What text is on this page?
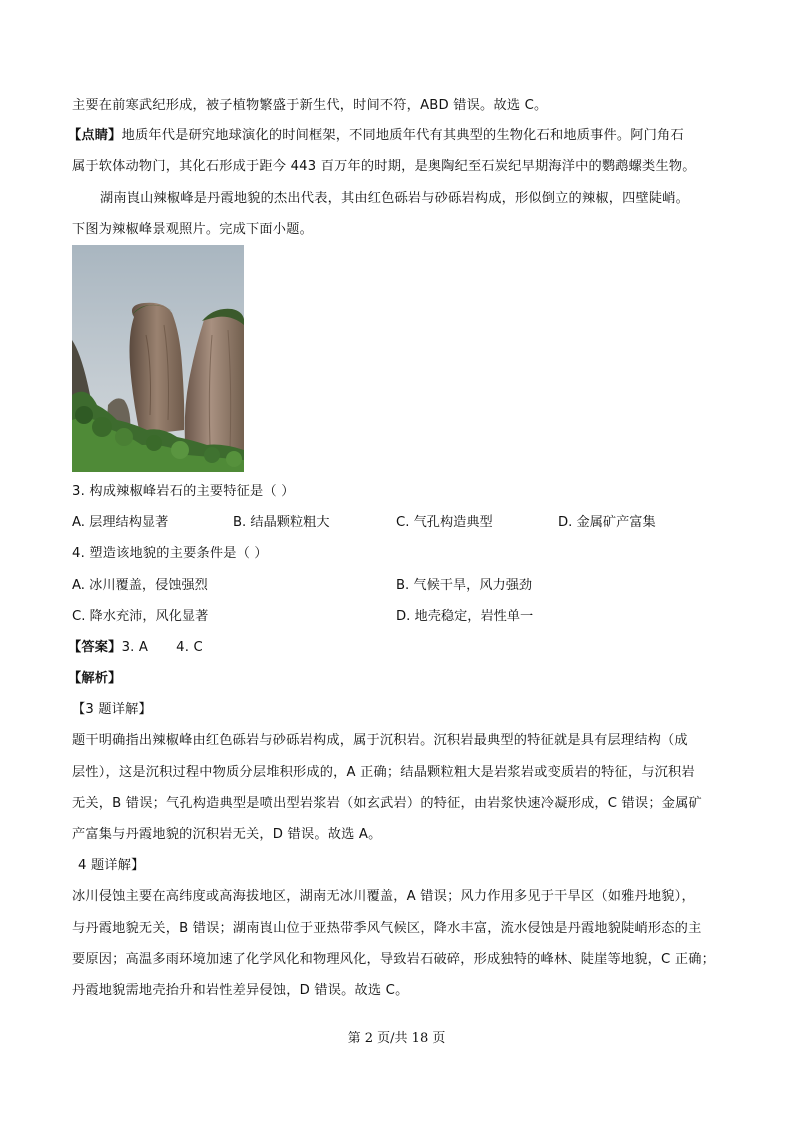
主要在前寒武纪形成，被子植物繁盛于新生代，时间不符，ABD 错误。故选 C。
【点睛】地质年代是研究地球演化的时间框架，不同地质年代有其典型的生物化石和地质事件。阿门角石
属于软体动物门，其化石形成于距今 443 百万年的时期，是奥陶纪至石炭纪早期海洋中的鹦鹉螺类生物。
湖南崀山辣椒峰是丹霞地貌的杰出代表，其由红色砾岩与砂砾岩构成，形似倒立的辣椒，四壁陡峭。
下图为辣椒峰景观照片。完成下面小题。
3. 构成辣椒峰岩石的主要特征是（ ）
A. 层理结构显著	B. 结晶颗粒粗大	C. 气孔构造典型	D. 金属矿产富集
4. 塑造该地貌的主要条件是（ ）
A. 冰川覆盖，侵蚀强烈	B. 气候干旱，风力强劲
C. 降水充沛，风化显著	D. 地壳稳定，岩性单一
【答案】3. A 4. C
【解析】
【3 题详解】
题干明确指出辣椒峰由红色砾岩与砂砾岩构成，属于沉积岩。沉积岩最典型的特征就是具有层理结构（成
层性），这是沉积过程中物质分层堆积形成的，A 正确；结晶颗粒粗大是岩浆岩或变质岩的特征，与沉积岩
无关，B 错误；气孔构造典型是喷出型岩浆岩（如玄武岩）的特征，由岩浆快速冷凝形成，C 错误；金属矿
产富集与丹霞地貌的沉积岩无关，D 错误。故选 A。
4 题详解】
冰川侵蚀主要在高纬度或高海拔地区，湖南无冰川覆盖，A 错误；风力作用多见于干旱区（如雅丹地貌），
与丹霞地貌无关，B 错误；湖南崀山位于亚热带季风气候区，降水丰富，流水侵蚀是丹霞地貌陡峭形态的主
要原因；高温多雨环境加速了化学风化和物理风化，导致岩石破碎，形成独特的峰林、陡崖等地貌，C 正确；
丹霞地貌需地壳抬升和岩性差异侵蚀，D 错误。故选 C。
第 2 页/共 18 页
